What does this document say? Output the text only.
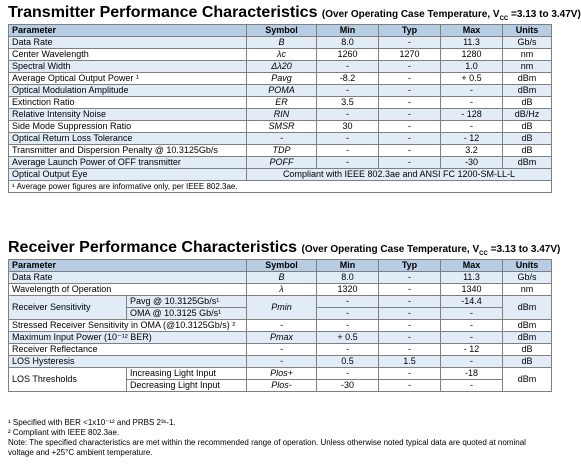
Transmitter Performance Characteristics (Over Operating Case Temperature, $V_{CC} =3.13$ to 3.47V)
Parameter	Symbol	Min	Typ	Max	Units
Data Rate	B	8.0	-	11.3	Gb/s
Center Wavelength	λc	1260	1270	1280	nm
Spectral Width	Δλ20	-	-	1.0	nm
Average Optical Output Power ¹	Pavg	-8.2	-	+ 0.5	dBm
Optical Modulation Amplitude	POMA	-	-	-	dBm
Extinction Ratio	ER	3.5	-	-	dB
Relative Intensity Noise	RIN	-	-	- 128	dB/Hz
Side Mode Suppression Ratio	SMSR	30	-	-	dB
Optical Return Loss Tolerance	-	-	-	- 12	dB
Transmitter and Dispersion Penalty @ 10.3125Gb/s	TDP	-	-	3.2	dB
Average Launch Power of OFF transmitter	POFF	-	-	-30	dBm
Optical Output Eye	Compliant with IEEE 802.3ae and ANSI FC 1200-SM-LL-L				
¹ Average power figures are informative only, per IEEE 802.3ae.					
Receiver Performance Characteristics (Over Operating Case Temperature, $V_{CC} =3.13$ to 3.47V)
Parameter		Symbol	Min	Typ	Max	Units
Data Rate		B	8.0	-	11.3	Gb/s
Wavelength of Operation		λ	1320	-	1340	nm
Receiver Sensitivity	Pavg @ 10.3125Gb/s¹	Pmin	-	-	-14.4	dBm
	OMA @ 10.3125 Gb/s¹		-	-	-	
Stressed Receiver Sensitivity in OMA (@10.3125Gb/s) ²		-	-	-	-	dBm
Maximum Input Power (10⁻¹² BER)		Pmax	+ 0.5	-	-	dBm
Receiver Reflectance		-	-	-	- 12	dB
LOS Hysteresis		-	0.5	1.5	-	dB
LOS Thresholds	Increasing Light Input	Plos+	-	-	-18	dBm
	Decreasing Light Input	Plos-	-30	-	-	
¹ Specified with BER <1x10⁻¹² and PRBS 2³¹-1.
² Compliant with IEEE 802.3ae.
Note: The specified characteristics are met within the recommended range of operation. Unless otherwise noted typical data are quoted at nominal voltage and +25°C ambient temperature.
